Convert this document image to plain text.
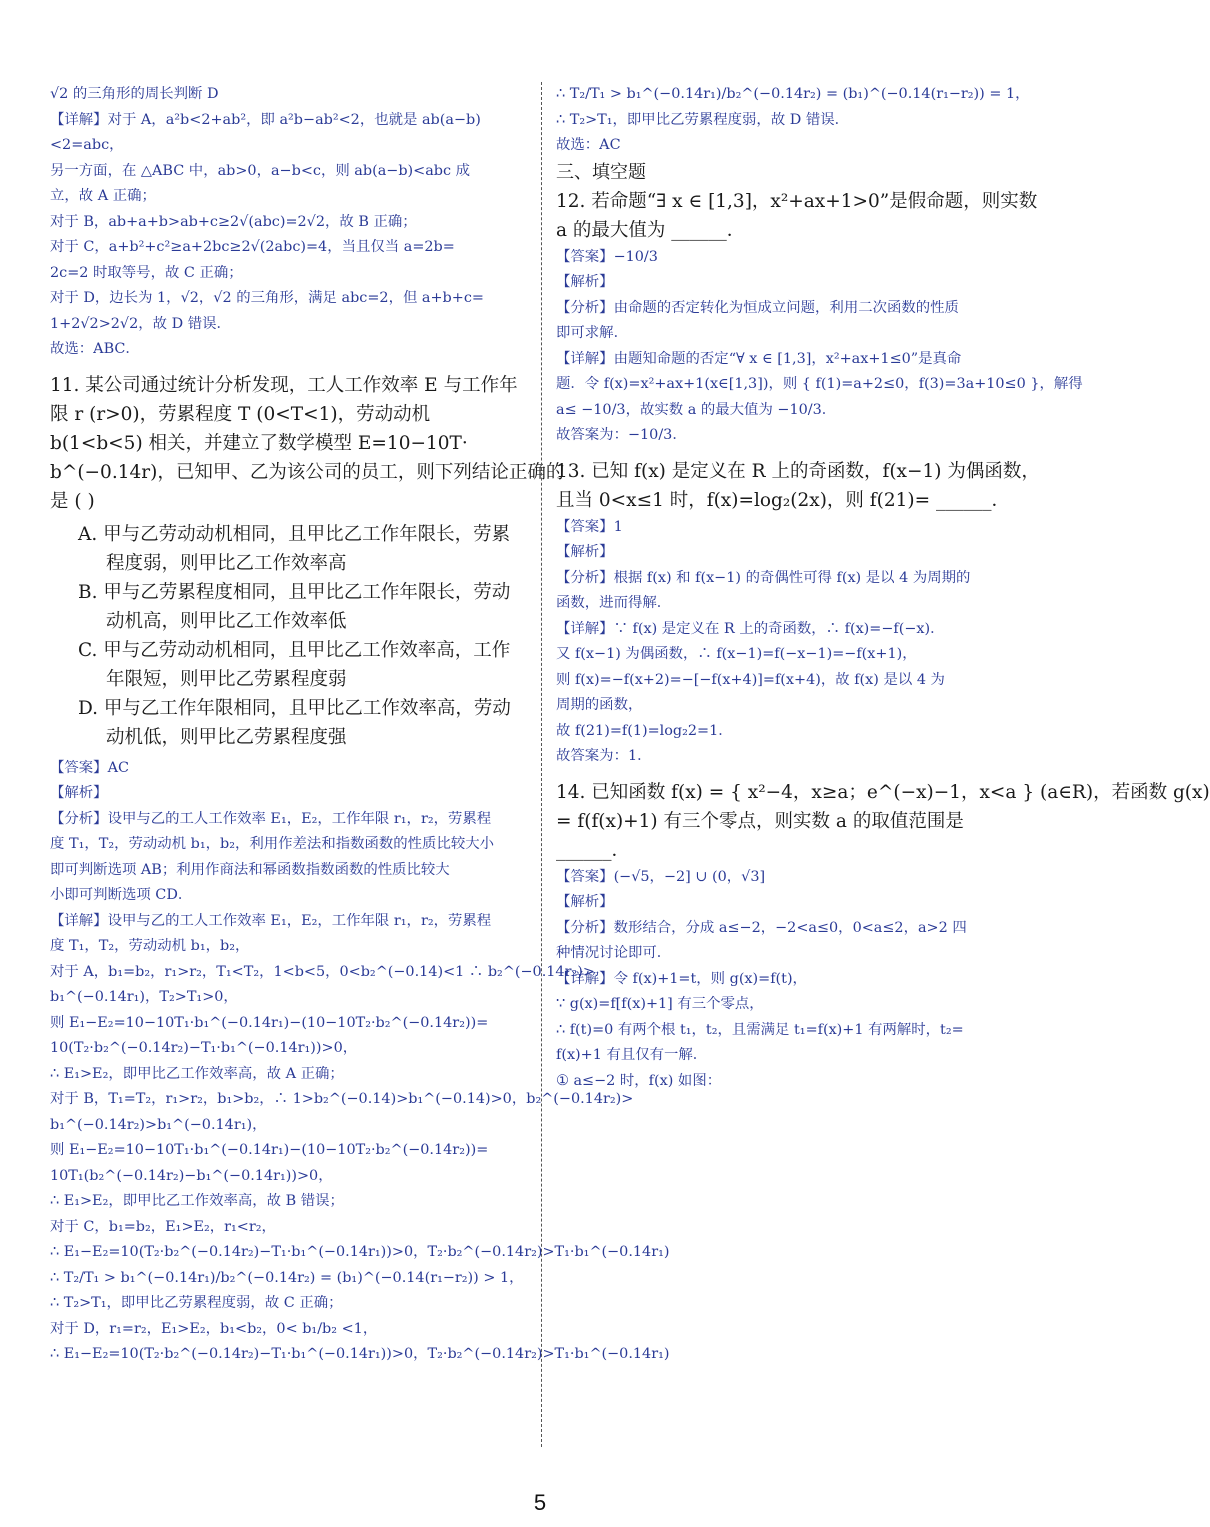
√2 的三角形的周长判断 D
【详解】对于 A，a²b<2+ab²，即 a²b−ab²<2，也就是 ab(a−b)
<2=abc，
另一方面，在 △ABC 中，ab>0，a−b<c，则 ab(a−b)<abc 成
立，故 A 正确；
对于 B，ab+a+b>ab+c≥2√(abc)=2√2，故 B 正确；
对于 C，a+b²+c²≥a+2bc≥2√(2abc)=4，当且仅当 a=2b=
2c=2 时取等号，故 C 正确；
对于 D，边长为 1，√2，√2 的三角形，满足 abc=2，但 a+b+c=
1+2√2>2√2，故 D 错误．
故选：ABC．
11. 某公司通过统计分析发现，工人工作效率 E 与工作年
限 r (r>0)，劳累程度 T (0<T<1)，劳动动机
b(1<b<5) 相关，并建立了数学模型 E=10−10T·
b^(−0.14r)，已知甲、乙为该公司的员工，则下列结论正确的
是 ( )
A. 甲与乙劳动动机相同，且甲比乙工作年限长，劳累
程度弱，则甲比乙工作效率高
B. 甲与乙劳累程度相同，且甲比乙工作年限长，劳动
动机高，则甲比乙工作效率低
C. 甲与乙劳动动机相同，且甲比乙工作效率高，工作
年限短，则甲比乙劳累程度弱
D. 甲与乙工作年限相同，且甲比乙工作效率高，劳动
动机低，则甲比乙劳累程度强
【答案】AC
【解析】
【分析】设甲与乙的工人工作效率 E₁，E₂，工作年限 r₁，r₂，劳累程
度 T₁，T₂，劳动动机 b₁，b₂，利用作差法和指数函数的性质比较大小
即可判断选项 AB；利用作商法和幂函数指数函数的性质比较大
小即可判断选项 CD．
【详解】设甲与乙的工人工作效率 E₁，E₂，工作年限 r₁，r₂，劳累程
度 T₁，T₂，劳动动机 b₁，b₂，
对于 A，b₁=b₂，r₁>r₂，T₁<T₂，1<b<5，0<b₂^(−0.14)<1 ∴ b₂^(−0.14r₂)>
b₁^(−0.14r₁)，T₂>T₁>0，
则 E₁−E₂=10−10T₁·b₁^(−0.14r₁)−(10−10T₂·b₂^(−0.14r₂))=
10(T₂·b₂^(−0.14r₂)−T₁·b₁^(−0.14r₁))>0，
∴ E₁>E₂，即甲比乙工作效率高，故 A 正确；
对于 B，T₁=T₂，r₁>r₂，b₁>b₂，∴ 1>b₂^(−0.14)>b₁^(−0.14)>0，b₂^(−0.14r₂)>
b₁^(−0.14r₂)>b₁^(−0.14r₁)，
则 E₁−E₂=10−10T₁·b₁^(−0.14r₁)−(10−10T₂·b₂^(−0.14r₂))=
10T₁(b₂^(−0.14r₂)−b₁^(−0.14r₁))>0，
∴ E₁>E₂，即甲比乙工作效率高，故 B 错误；
对于 C，b₁=b₂，E₁>E₂，r₁<r₂，
∴ E₁−E₂=10(T₂·b₂^(−0.14r₂)−T₁·b₁^(−0.14r₁))>0，T₂·b₂^(−0.14r₂)>T₁·b₁^(−0.14r₁)
∴ T₂/T₁ > b₁^(−0.14r₁)/b₂^(−0.14r₂) = (b₁)^(−0.14(r₁−r₂)) > 1，
∴ T₂>T₁，即甲比乙劳累程度弱，故 C 正确；
对于 D，r₁=r₂，E₁>E₂，b₁<b₂，0< b₁/b₂ <1，
∴ E₁−E₂=10(T₂·b₂^(−0.14r₂)−T₁·b₁^(−0.14r₁))>0，T₂·b₂^(−0.14r₂)>T₁·b₁^(−0.14r₁)
∴ T₂/T₁ > b₁^(−0.14r₁)/b₂^(−0.14r₂) = (b₁)^(−0.14(r₁−r₂)) = 1，
∴ T₂>T₁，即甲比乙劳累程度弱，故 D 错误．
故选：AC
三、填空题
12. 若命题“∃ x ∈ [1,3]，x²+ax+1>0”是假命题，则实数
a 的最大值为 ______．
【答案】−10/3
【解析】
【分析】由命题的否定转化为恒成立问题，利用二次函数的性质
即可求解．
【详解】由题知命题的否定“∀ x ∈ [1,3]，x²+ax+1≤0”是真命
题．令 f(x)=x²+ax+1(x∈[1,3])，则 { f(1)=a+2≤0，f(3)=3a+10≤0 }，解得
a≤ −10/3，故实数 a 的最大值为 −10/3．
故答案为：−10/3．
13. 已知 f(x) 是定义在 R 上的奇函数，f(x−1) 为偶函数，
且当 0<x≤1 时，f(x)=log₂(2x)，则 f(21)= ______．
【答案】1
【解析】
【分析】根据 f(x) 和 f(x−1) 的奇偶性可得 f(x) 是以 4 为周期的
函数，进而得解．
【详解】∵ f(x) 是定义在 R 上的奇函数，∴ f(x)=−f(−x)．
又 f(x−1) 为偶函数，∴ f(x−1)=f(−x−1)=−f(x+1)，
则 f(x)=−f(x+2)=−[−f(x+4)]=f(x+4)，故 f(x) 是以 4 为
周期的函数，
故 f(21)=f(1)=log₂2=1．
故答案为：1．
14. 已知函数 f(x) = { x²−4，x≥a；e^(−x)−1，x<a } (a∈R)，若函数 g(x)
= f(f(x)+1) 有三个零点，则实数 a 的取值范围是
______．
【答案】(−√5，−2] ∪ (0，√3]
【解析】
【分析】数形结合，分成 a≤−2，−2<a≤0，0<a≤2，a>2 四
种情况讨论即可．
【详解】令 f(x)+1=t，则 g(x)=f(t)，
∵ g(x)=f[f(x)+1] 有三个零点，
∴ f(t)=0 有两个根 t₁，t₂，且需满足 t₁=f(x)+1 有两解时，t₂=
f(x)+1 有且仅有一解．
① a≤−2 时，f(x) 如图：
5
